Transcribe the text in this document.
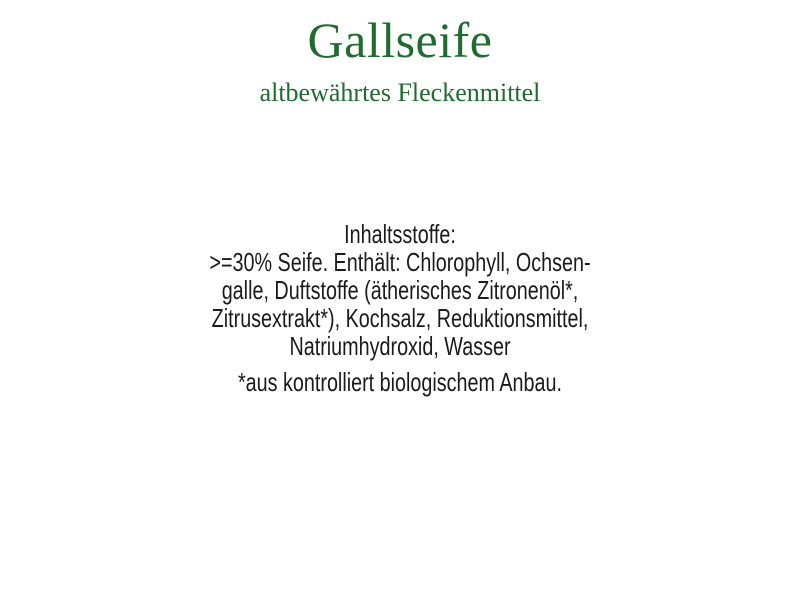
Gallseife
altbewährtes Fleckenmittel
Inhaltsstoffe:
>=30% Seife. Enthält: Chlorophyll, Ochsen-
galle, Duftstoffe (ätherisches Zitronenöl*,
Zitrusextrakt*), Kochsalz, Reduktionsmittel,
Natriumhydroxid, Wasser
*aus kontrolliert biologischem Anbau.
